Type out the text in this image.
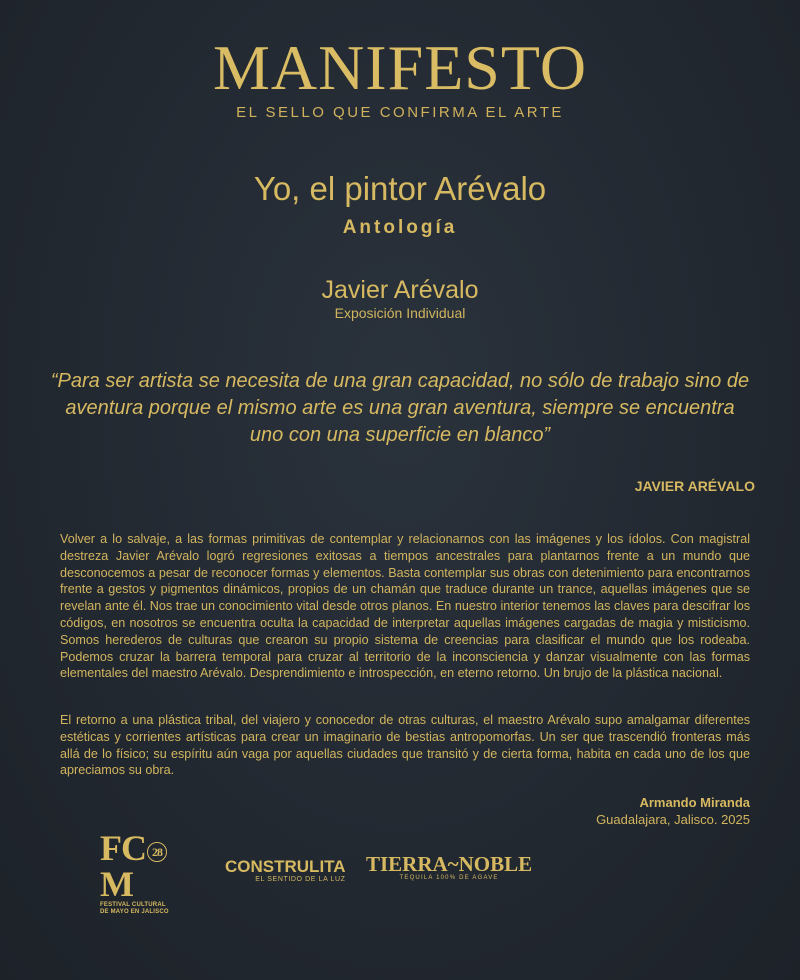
MANIFESTO
EL SELLO QUE CONFIRMA EL ARTE
Yo, el pintor Arévalo
Antología
Javier Arévalo
Exposición Individual
“Para ser artista se necesita de una gran capacidad, no sólo de trabajo sino de aventura porque el mismo arte es una gran aventura, siempre se encuentra uno con una superficie en blanco”
JAVIER ARÉVALO
Volver a lo salvaje, a las formas primitivas de contemplar y relacionarnos con las imágenes y los ídolos. Con magistral destreza Javier Arévalo logró regresiones exitosas a tiempos ancestrales para plantarnos frente a un mundo que desconocemos a pesar de reconocer formas y elementos. Basta contemplar sus obras con detenimiento para encontrarnos frente a gestos y pigmentos dinámicos, propios de un chamán que traduce durante un trance, aquellas imágenes que se revelan ante él. Nos trae un conocimiento vital desde otros planos. En nuestro interior tenemos las claves para descifrar los códigos, en nosotros se encuentra oculta la capacidad de interpretar aquellas imágenes cargadas de magia y misticismo. Somos herederos de culturas que crearon su propio sistema de creencias para clasificar el mundo que los rodeaba. Podemos cruzar la barrera temporal para cruzar al territorio de la inconsciencia y danzar visualmente con las formas elementales del maestro Arévalo. Desprendimiento e introspección, en eterno retorno. Un brujo de la plástica nacional.
El retorno a una plástica tribal, del viajero y conocedor de otras culturas, el maestro Arévalo supo amalgamar diferentes estéticas y corrientes artísticas para crear un imaginario de bestias antropomorfas. Un ser que trascendió fronteras más allá de lo físico; su espíritu aún vaga por aquellas ciudades que transitó y de cierta forma, habita en cada uno de los que apreciamos su obra.
Armando Miranda
Guadalajara, Jalisco. 2025
FC 28M
FESTIVAL CULTURAL
DE MAYO EN JALISCO
CONSTRULITA
EL SENTIDO DE LA LUZ
TIERRA~NOBLE
TEQUILA 100% DE AGAVE
